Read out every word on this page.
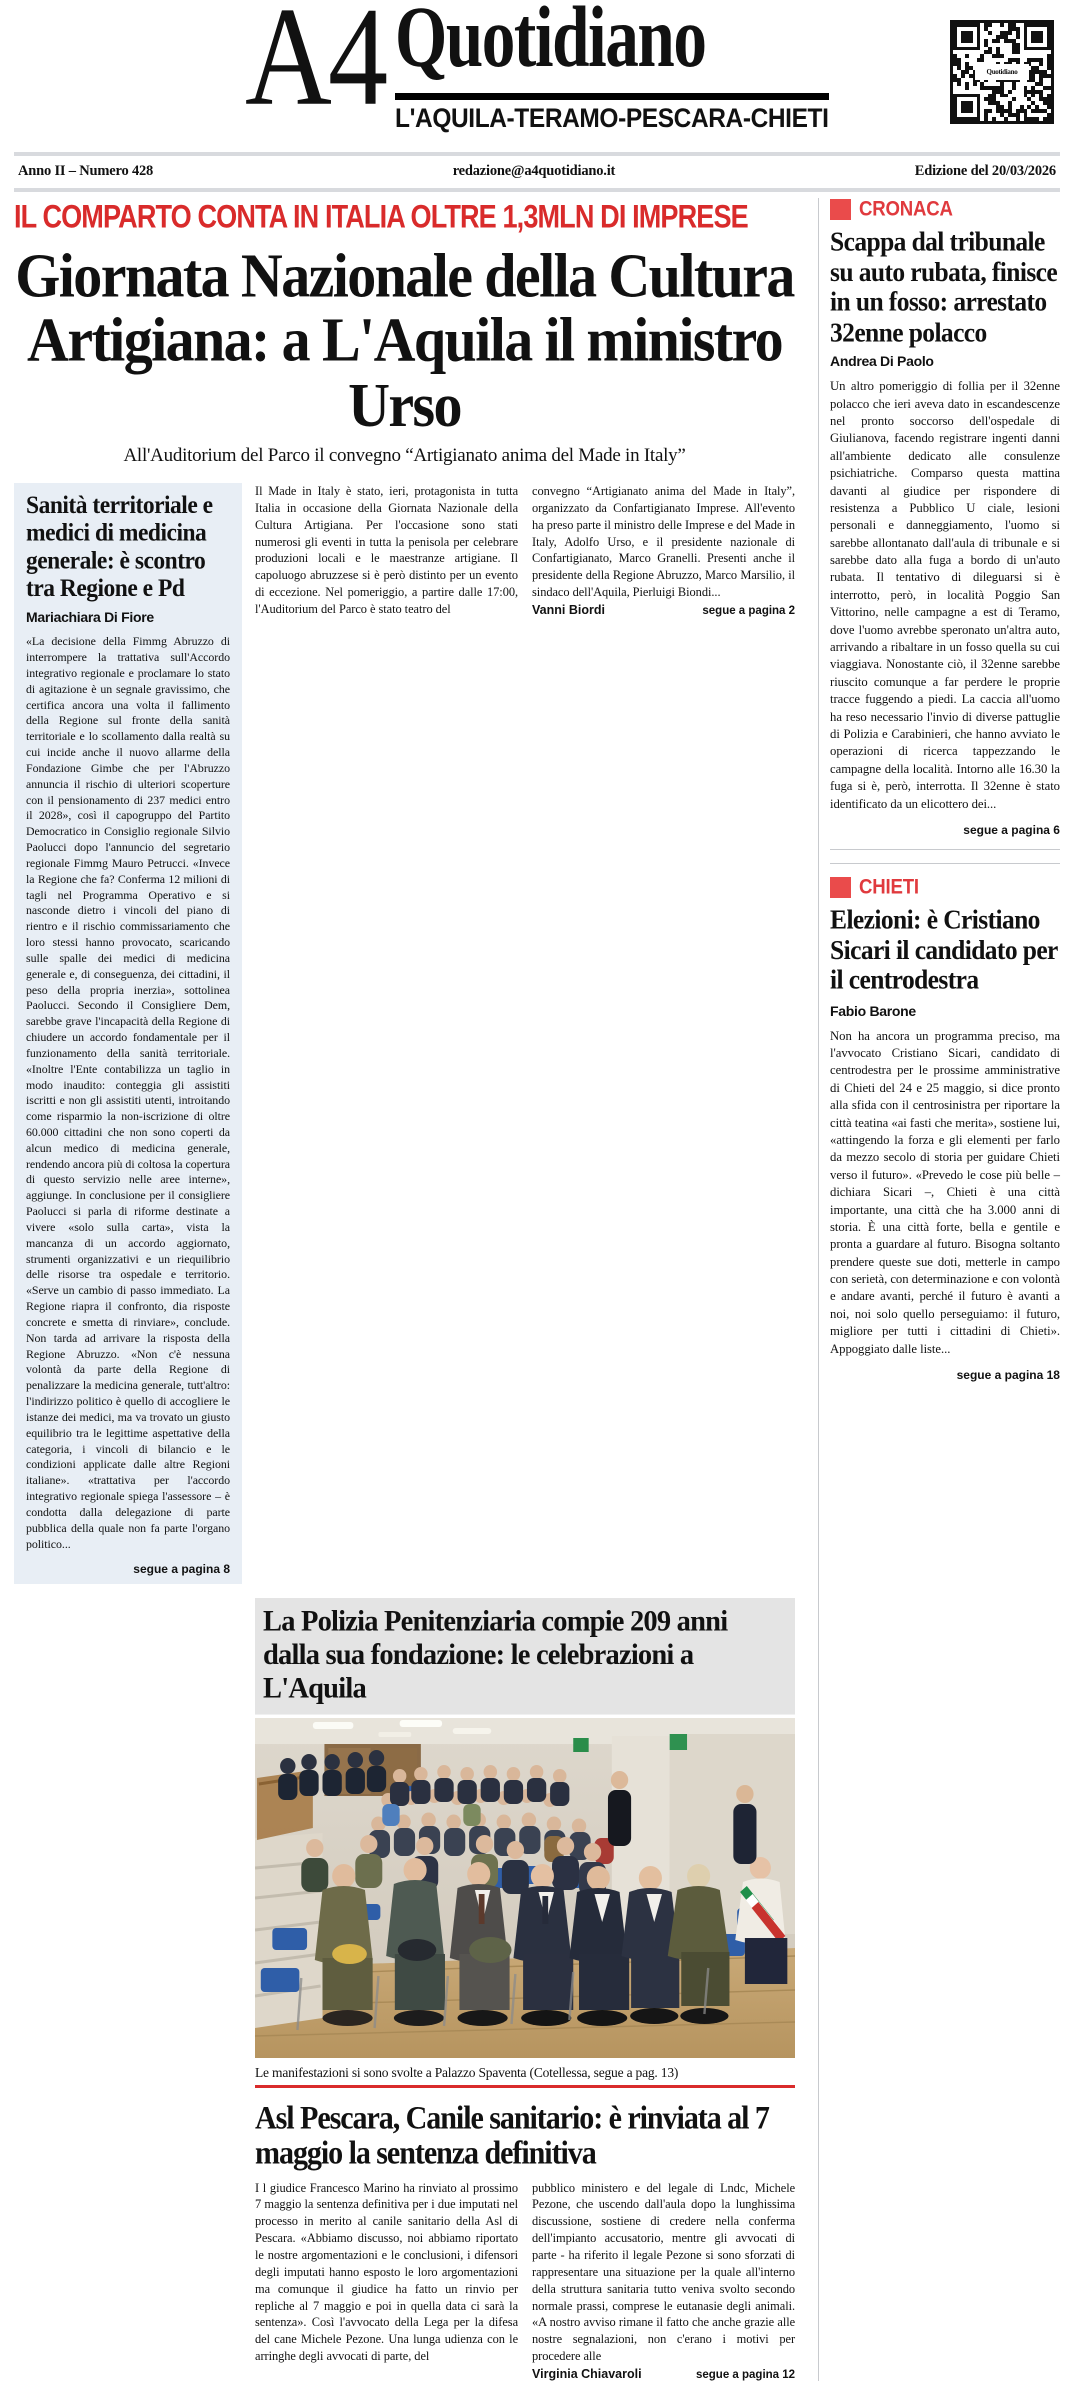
A4 Quotidiano
L'AQUILA-TERAMO-PESCARA-CHIETI
Quotidiano
Anno II – Numero 428	redazione@a4quotidiano.it	Edizione del 20/03/2026
IL COMPARTO CONTA IN ITALIA OLTRE 1,3MLN DI IMPRESE
Giornata Nazionale della Cultura Artigiana: a L'Aquila il ministro Urso
All'Auditorium del Parco il convegno “Artigianato anima del Made in Italy”
Sanità territoriale e medici di medicina generale: è scontro tra Regione e Pd
Mariachiara Di Fiore
«La decisione della Fimmg Abruzzo di interrompere la trattativa sull'Accordo integrativo regionale e proclamare lo stato di agitazione è un segnale gravissimo, che certifica ancora una volta il fallimento della Regione sul fronte della sanità territoriale e lo scollamento dalla realtà su cui incide anche il nuovo allarme della Fondazione Gimbe che per l'Abruzzo annuncia il rischio di ulteriori scoperture con il pensionamento di 237 medici entro il 2028», così il capogruppo del Partito Democratico in Consiglio regionale Silvio Paolucci dopo l'annuncio del segretario regionale Fimmg Mauro Petrucci. «Invece la Regione che fa? Conferma 12 milioni di tagli nel Programma Operativo e si nasconde dietro i vincoli del piano di rientro e il rischio commissariamento che loro stessi hanno provocato, scaricando sulle spalle dei medici di medicina generale e, di conseguenza, dei cittadini, il peso della propria inerzia», sottolinea Paolucci. Secondo il Consigliere Dem, sarebbe grave l'incapacità della Regione di chiudere un accordo fondamentale per il funzionamento della sanità territoriale. «Inoltre l'Ente contabilizza un taglio in modo inaudito: conteggia gli assistiti iscritti e non gli assistiti utenti, introitando come risparmio la non-iscrizione di oltre 60.000 cittadini che non sono coperti da alcun medico di medicina generale, rendendo ancora più di coltosa la copertura di questo servizio nelle aree interne», aggiunge. In conclusione per il consigliere Paolucci si parla di riforme destinate a vivere «solo sulla carta», vista la mancanza di un accordo aggiornato, strumenti organizzativi e un riequilibrio delle risorse tra ospedale e territorio. «Serve un cambio di passo immediato. La Regione riapra il confronto, dia risposte concrete e smetta di rinviare», conclude. Non tarda ad arrivare la risposta della Regione Abruzzo. «Non c'è nessuna volontà da parte della Regione di penalizzare la medicina generale, tutt'altro: l'indirizzo politico è quello di accogliere le istanze dei medici, ma va trovato un giusto equilibrio tra le legittime aspettative della categoria, i vincoli di bilancio e le condizioni applicate dalle altre Regioni italiane». «trattativa per l'accordo integrativo regionale spiega l'assessore – è condotta dalla delegazione di parte pubblica della quale non fa parte l'organo politico...
segue a pagina 8
Il Made in Italy è stato, ieri, protagonista in tutta Italia in occasione della Giornata Nazionale della Cultura Artigiana. Per l'occasione sono stati numerosi gli eventi in tutta la penisola per celebrare produzioni locali e le maestranze artigiane. Il capoluogo abruzzese si è però distinto per un evento di eccezione. Nel pomeriggio, a partire dalle 17:00, l'Auditorium del Parco è stato teatro del
convegno “Artigianato anima del Made in Italy”, organizzato da Confartigianato Imprese. All'evento ha preso parte il ministro delle Imprese e del Made in Italy, Adolfo Urso, e il presidente nazionale di Confartigianato, Marco Granelli. Presenti anche il presidente della Regione Abruzzo, Marco Marsilio, il sindaco dell'Aquila, Pierluigi Biondi...
Vanni Biordi	segue a pagina 2
La Polizia Penitenziaria compie 209 anni dalla sua fondazione: le celebrazioni a L'Aquila
Le manifestazioni si sono svolte a Palazzo Spaventa (Cotellessa, segue a pag. 13)
Asl Pescara, Canile sanitario: è rinviata al 7 maggio la sentenza definitiva
I l giudice Francesco Marino ha rinviato al prossimo 7 maggio la sentenza definitiva per i due imputati nel processo in merito al canile sanitario della Asl di Pescara. «Abbiamo discusso, noi abbiamo riportato le nostre argomentazioni e le conclusioni, i difensori degli imputati hanno esposto le loro argomentazioni ma comunque il giudice ha fatto un rinvio per repliche al 7 maggio e poi in quella data ci sarà la sentenza». Così l'avvocato della Lega per la difesa del cane Michele Pezone. Una lunga udienza con le arringhe degli avvocati di parte, del
pubblico ministero e del legale di Lndc, Michele Pezone, che uscendo dall'aula dopo la lunghissima discussione, sostiene di credere nella conferma dell'impianto accusatorio, mentre gli avvocati di parte - ha riferito il legale Pezone si sono sforzati di rappresentare una situazione per la quale all'interno della struttura sanitaria tutto veniva svolto secondo normale prassi, comprese le eutanasie degli animali. «A nostro avviso rimane il fatto che anche grazie alle nostre segnalazioni, non c'erano i motivi per procedere alle
Virginia Chiavaroli	segue a pagina 12
CRONACA
Scappa dal tribunale su auto rubata, finisce in un fosso: arrestato 32enne polacco
Andrea Di Paolo
Un altro pomeriggio di follia per il 32enne polacco che ieri aveva dato in escandescenze nel pronto soccorso dell'ospedale di Giulianova, facendo registrare ingenti danni all'ambiente dedicato alle consulenze psichiatriche. Comparso questa mattina davanti al giudice per rispondere di resistenza a Pubblico U ciale, lesioni personali e danneggiamento, l'uomo si sarebbe allontanato dall'aula di tribunale e si sarebbe dato alla fuga a bordo di un'auto rubata. Il tentativo di dileguarsi si è interrotto, però, in località Poggio San Vittorino, nelle campagne a est di Teramo, dove l'uomo avrebbe speronato un'altra auto, arrivando a ribaltare in un fosso quella su cui viaggiava. Nonostante ciò, il 32enne sarebbe riuscito comunque a far perdere le proprie tracce fuggendo a piedi. La caccia all'uomo ha reso necessario l'invio di diverse pattuglie di Polizia e Carabinieri, che hanno avviato le operazioni di ricerca tappezzando le campagne della località. Intorno alle 16.30 la fuga si è, però, interrotta. Il 32enne è stato identificato da un elicottero dei...
segue a pagina 6
CHIETI
Elezioni: è Cristiano Sicari il candidato per il centrodestra
Fabio Barone
Non ha ancora un programma preciso, ma l'avvocato Cristiano Sicari, candidato di centrodestra per le prossime amministrative di Chieti del 24 e 25 maggio, si dice pronto alla sfida con il centrosinistra per riportare la città teatina «ai fasti che merita», sostiene lui, «attingendo la forza e gli elementi per farlo da mezzo secolo di storia per guidare Chieti verso il futuro». «Prevedo le cose più belle – dichiara Sicari –, Chieti è una città importante, una città che ha 3.000 anni di storia. È una città forte, bella e gentile e pronta a guardare al futuro. Bisogna soltanto prendere queste sue doti, metterle in campo con serietà, con determinazione e con volontà e andare avanti, perché il futuro è avanti a noi, noi solo quello perseguiamo: il futuro, migliore per tutti i cittadini di Chieti». Appoggiato dalle liste...
segue a pagina 18
